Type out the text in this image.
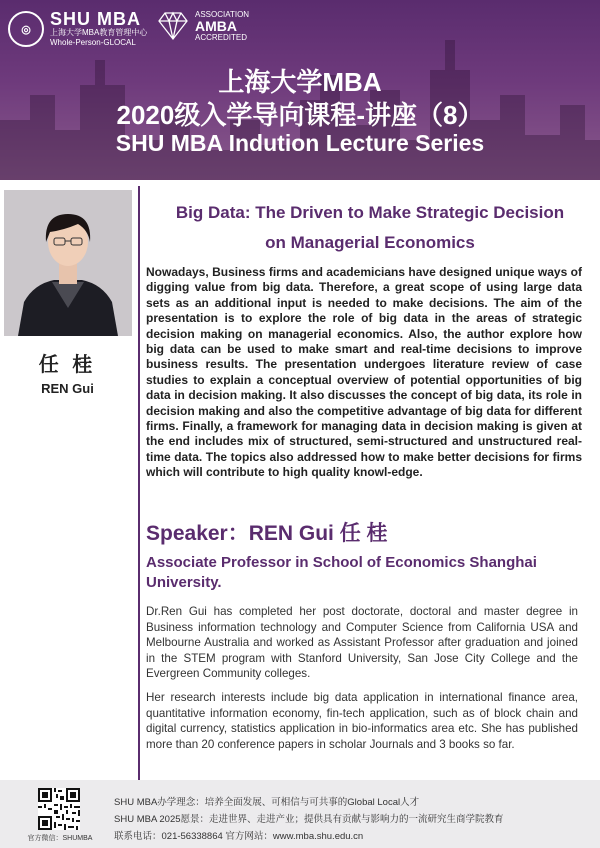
◎
SHU MBA
上海大学MBA教育管理中心
Whole-Person-GLOCAL
ASSOCIATION
AMBA
ACCREDITED
上海大学MBA
2020级入学导向课程-讲座（8）
SHU MBA Indution Lecture Series
任 桂
REN Gui
Big Data: The Driven to Make Strategic Decision
on Managerial Economics
Nowadays, Business firms and academicians have designed unique ways of digging value from big data. Therefore, a great scope of using large data sets as an additional input is needed to make decisions. The aim of the presentation is to explore the role of big data in the areas of strategic decision making on managerial economics. Also, the author explore how big data can be used to make smart and real-time decisions to improve business results. The presentation undergoes literature review of case studies to explain a conceptual overview of potential opportunities of big data in decision making. It also discusses the concept of big data, its role in decision making and also the competitive advantage of big data for different firms. Finally, a framework for managing data in decision making is given at the end includes mix of structured, semi-structured and unstructured real-time data. The topics also addressed how to make better decisions for firms which will contribute to high quality knowl-edge.
Speaker：REN Gui 任 桂
Associate Professor in School of Economics Shanghai University.
Dr.Ren Gui has completed her post doctorate, doctoral and master degree in Business information technology and Computer Science from California USA and Melbourne Australia and worked as Assistant Professor after graduation and joined in the STEM program with Stanford University, San Jose City College and the Evergreen Community colleges.
Her research interests include big data application in international finance area, quantitative information economy, fin-tech application, such as of block chain and digital currency, statistics application in bio-informatics area etc. She has published more than 20 conference papers in scholar Journals and 3 books so far.
官方微信：SHUMBA
SHU MBA办学理念：培养全面发展、可相信与可共事的Global Local人才
SHU MBA 2025愿景：走进世界、走进产业；提供具有贡献与影响力的一流研究生商学院教育
联系电话：021-56338864 官方网站：www.mba.shu.edu.cn
